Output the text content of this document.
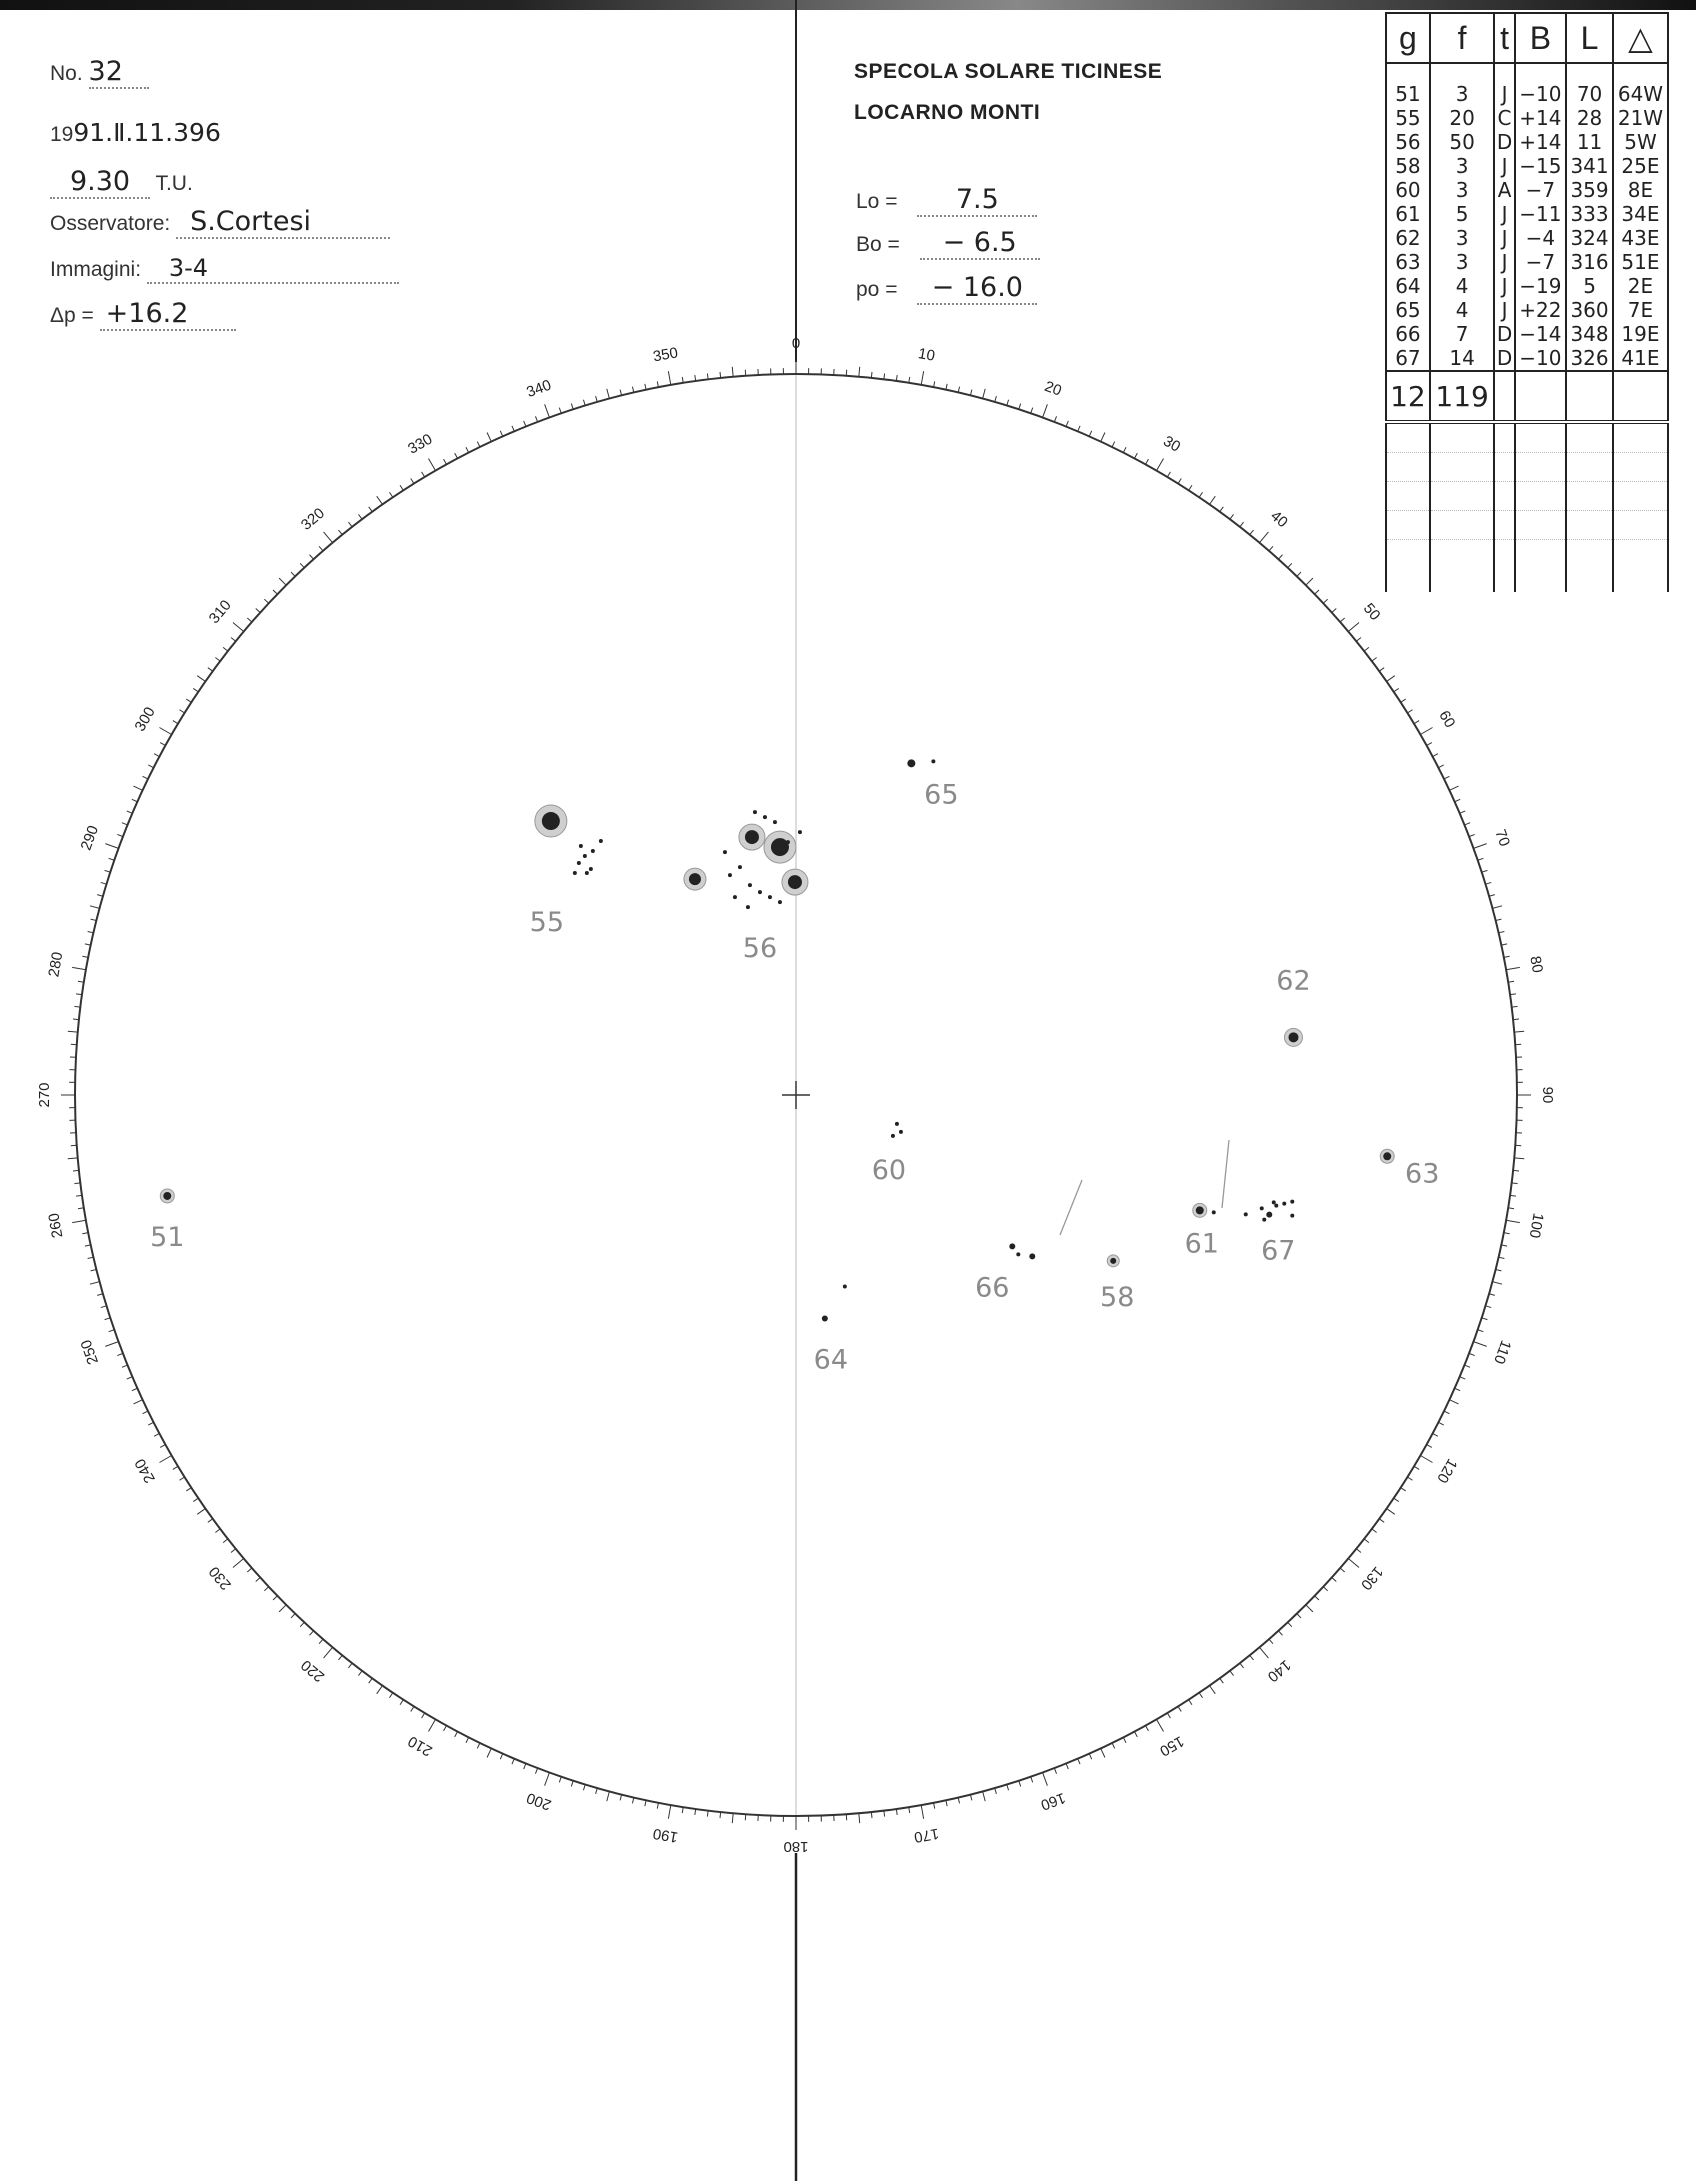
No. 32
1991.Ⅱ.11.396
9.30 T.U.
Osservatore: S.Cortesi
Immagini: 3-4
Δp = +16.2
SPECOLA SOLARE TICINESE
LOCARNO MONTI
Lo = 7.5
Bo = − 6.5
po = − 16.0
0
10
20
30
40
50
60
70
80
90
100
110
120
130
140
150
160
170
180
190
200
210
220
230
240
250
260
270
280
290
300
310
320
330
340
350
51
55
56
65
60
62
63
61 67
66	58
64
g	f	t	B	L	△
51	3	J	−10	70	64W
55	20	C	+14	28	21W
56	50	D	+14	11	5W
58	3	J	−15	341	25E
60	3	A	−7	359	8E
61	5	J	−11	333	34E
62	3	J	−4	324	43E
63	3	J	−7	316	51E
64	4	J	−19	5	2E
65	4	J	+22	360	7E
66	7	D	−14	348	19E
67	14	D	−10	326	41E
12	119				
